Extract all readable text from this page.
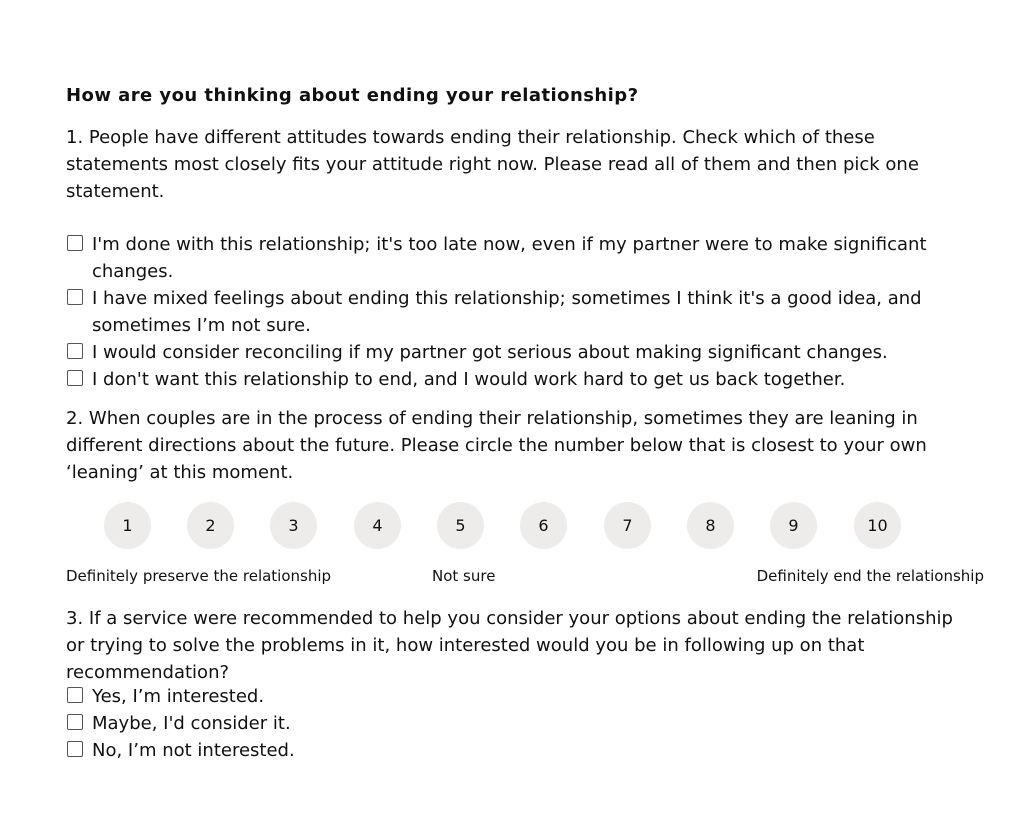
How are you thinking about ending your relationship?
1. People have different attitudes towards ending their relationship. Check which of these statements most closely fits your attitude right now. Please read all of them and then pick one statement.
I'm done with this relationship; it's too late now, even if my partner were to make significant changes.
I have mixed feelings about ending this relationship; sometimes I think it's a good idea, and sometimes I’m not sure.
I would consider reconciling if my partner got serious about making significant changes.
I don't want this relationship to end, and I would work hard to get us back together.
2. When couples are in the process of ending their relationship, sometimes they are leaning in different directions about the future. Please circle the number below that is closest to your own ‘leaning’ at this moment.
1	2	3	4	5	6	7	8	9	10
Definitely preserve the relationship	Not sure	Definitely end the relationship
3. If a service were recommended to help you consider your options about ending the relationship or trying to solve the problems in it, how interested would you be in following up on that recommendation?
Yes, I’m interested.
Maybe, I'd consider it.
No, I’m not interested.
